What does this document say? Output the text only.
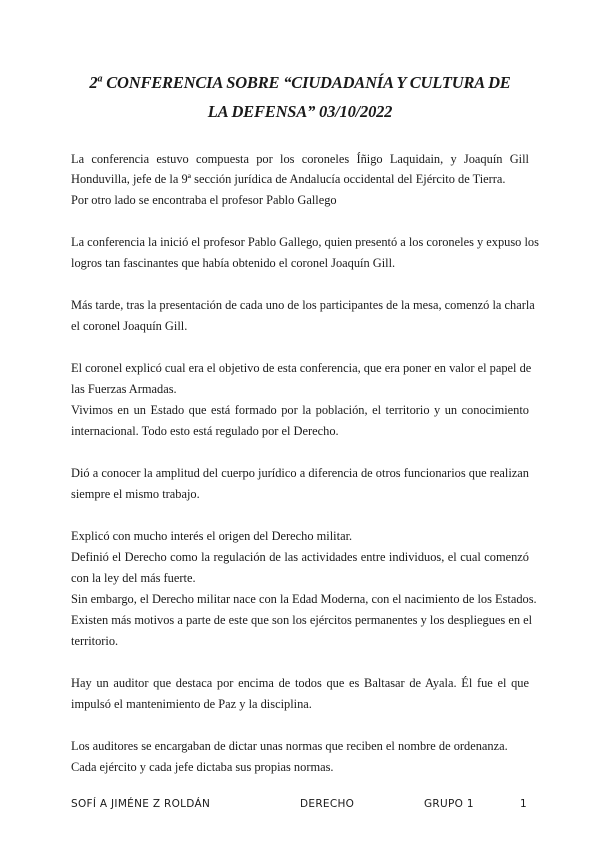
2$^a$ CONFERENCIA SOBRE “CIUDADANÍA Y CULTURA DE
LA DEFENSA” 03/10/2022
La conferencia estuvo compuesta por los coroneles Íñigo Laquidain, y Joaquín Gill
Honduvilla, jefe de la 9ª sección jurídica de Andalucía occidental del Ejército de Tierra.
Por otro lado se encontraba el profesor Pablo Gallego
La conferencia la inició el profesor Pablo Gallego, quien presentó a los coroneles y expuso los
logros tan fascinantes que había obtenido el coronel Joaquín Gill.
Más tarde, tras la presentación de cada uno de los participantes de la mesa, comenzó la charla
el coronel Joaquín Gill.
El coronel explicó cual era el objetivo de esta conferencia, que era poner en valor el papel de
las Fuerzas Armadas.
Vivimos en un Estado que está formado por la población, el territorio y un conocimiento
internacional. Todo esto está regulado por el Derecho.
Dió a conocer la amplitud del cuerpo jurídico a diferencia de otros funcionarios que realizan
siempre el mismo trabajo.
Explicó con mucho interés el origen del Derecho militar.
Definió el Derecho como la regulación de las actividades entre individuos, el cual comenzó
con la ley del más fuerte.
Sin embargo, el Derecho militar nace con la Edad Moderna, con el nacimiento de los Estados.
Existen más motivos a parte de este que son los ejércitos permanentes y los despliegues en el
territorio.
Hay un auditor que destaca por encima de todos que es Baltasar de Ayala. Él fue el que
impulsó el mantenimiento de Paz y la disciplina.
Los auditores se encargaban de dictar unas normas que reciben el nombre de ordenanza.
Cada ejército y cada jefe dictaba sus propias normas.
SOFÍ A JIMÉNE Z ROLDÁN	DERECHO	GRUPO 1	1
